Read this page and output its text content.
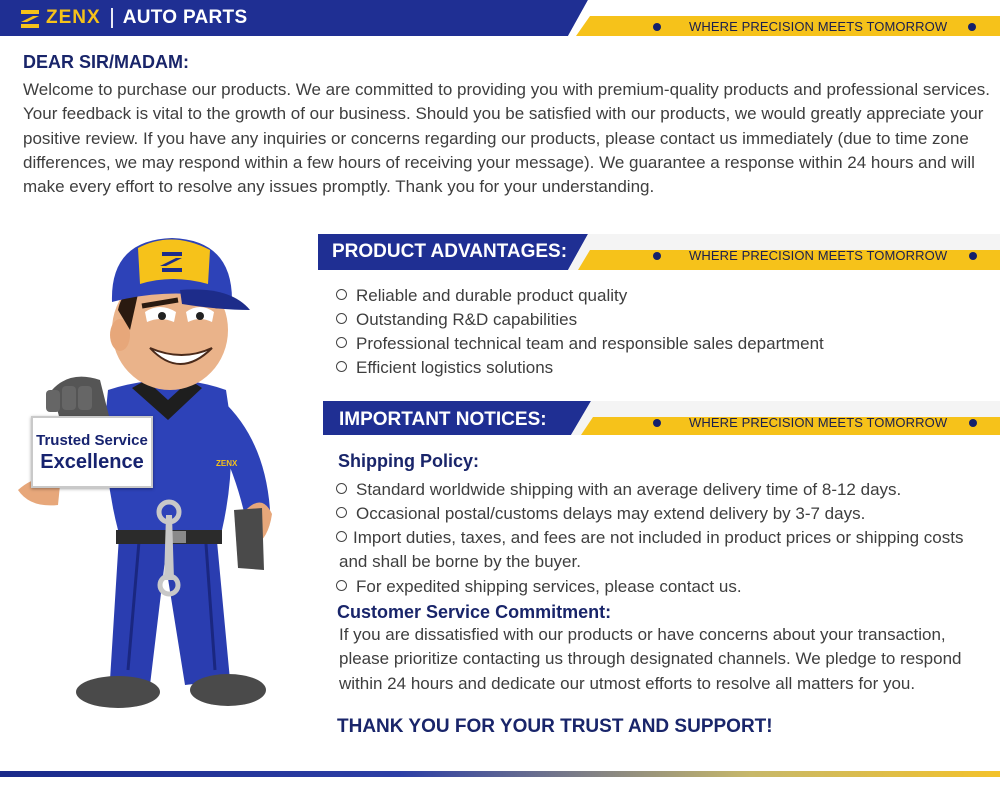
ZENX AUTO PARTS	WHERE PRECISION MEETS TOMORROW
DEAR SIR/MADAM:
Welcome to purchase our products. We are committed to providing you with premium-quality products and professional services. Your feedback is vital to the growth of our business. Should you be satisfied with our products, we would greatly appreciate your positive review. If you have any inquiries or concerns regarding our products, please contact us immediately (due to time zone differences, we may respond within a few hours of receiving your message). We guarantee a response within 24 hours and will make every effort to resolve any issues promptly. Thank you for your understanding.
ZENX
Trusted Service
Excellence
PRODUCT ADVANTAGES:	WHERE PRECISION MEETS TOMORROW
Reliable and durable product quality
Outstanding R&D capabilities
Professional technical team and responsible sales department
Efficient logistics solutions
IMPORTANT NOTICES:	WHERE PRECISION MEETS TOMORROW
Shipping Policy:
Standard worldwide shipping with an average delivery time of 8-12 days.
Occasional postal/customs delays may extend delivery by 3-7 days.
Import duties, taxes, and fees are not included in product prices or shipping costs
and shall be borne by the buyer.
For expedited shipping services, please contact us.
Customer Service Commitment:
If you are dissatisfied with our products or have concerns about your transaction,
please prioritize contacting us through designated channels. We pledge to respond
within 24 hours and dedicate our utmost efforts to resolve all matters for you.
THANK YOU FOR YOUR TRUST AND SUPPORT!
